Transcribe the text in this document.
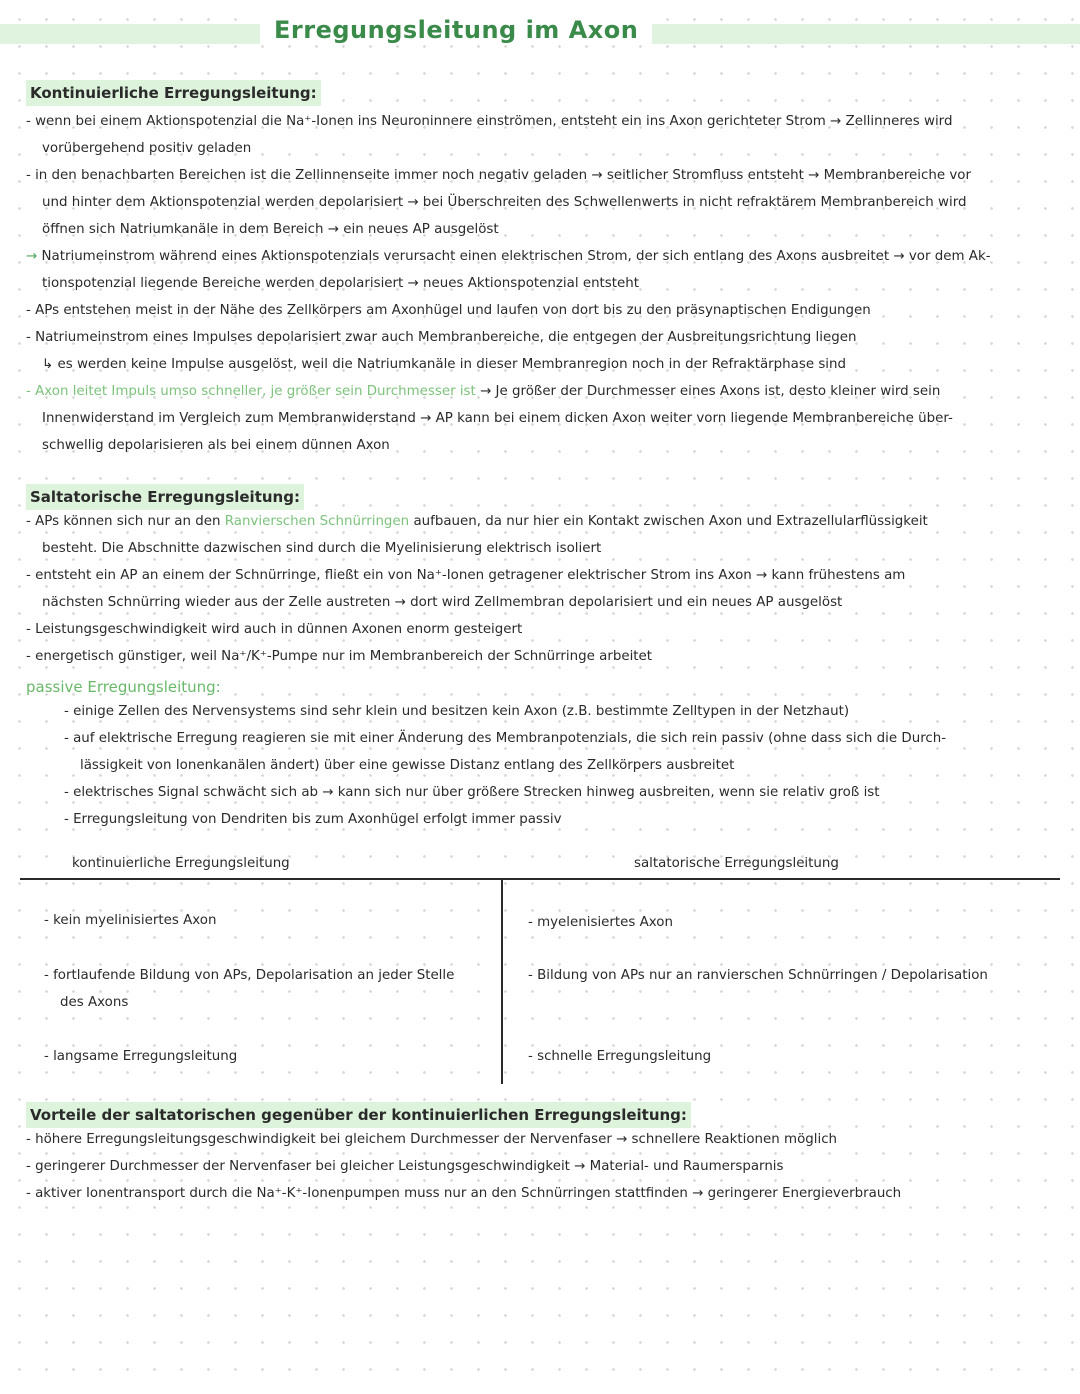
Erregungsleitung im Axon
Kontinuierliche Erregungsleitung:
- wenn bei einem Aktionspotenzial die Na⁺-Ionen ins Neuroninnere einströmen, entsteht ein ins Axon gerichteter Strom → Zellinneres wird
vorübergehend positiv geladen
- in den benachbarten Bereichen ist die Zellinnenseite immer noch negativ geladen → seitlicher Stromfluss entsteht → Membranbereiche vor
und hinter dem Aktionspotenzial werden depolarisiert → bei Überschreiten des Schwellenwerts in nicht refraktärem Membranbereich wird
öffnen sich Natriumkanäle in dem Bereich → ein neues AP ausgelöst
→ Natriumeinstrom während eines Aktionspotenzials verursacht einen elektrischen Strom, der sich entlang des Axons ausbreitet → vor dem Ak-
tionspotenzial liegende Bereiche werden depolarisiert → neues Aktionspotenzial entsteht
- APs entstehen meist in der Nähe des Zellkörpers am Axonhügel und laufen von dort bis zu den präsynaptischen Endigungen
- Natriumeinstrom eines Impulses depolarisiert zwar auch Membranbereiche, die entgegen der Ausbreitungsrichtung liegen
↳ es werden keine Impulse ausgelöst, weil die Natriumkanäle in dieser Membranregion noch in der Refraktärphase sind
- Axon leitet Impuls umso schneller, je größer sein Durchmesser ist → Je größer der Durchmesser eines Axons ist, desto kleiner wird sein
Innenwiderstand im Vergleich zum Membranwiderstand → AP kann bei einem dicken Axon weiter vorn liegende Membranbereiche über-
schwellig depolarisieren als bei einem dünnen Axon
Saltatorische Erregungsleitung:
- APs können sich nur an den Ranvierschen Schnürringen aufbauen, da nur hier ein Kontakt zwischen Axon und Extrazellularflüssigkeit
besteht. Die Abschnitte dazwischen sind durch die Myelinisierung elektrisch isoliert
- entsteht ein AP an einem der Schnürringe, fließt ein von Na⁺-Ionen getragener elektrischer Strom ins Axon → kann frühestens am
nächsten Schnürring wieder aus der Zelle austreten → dort wird Zellmembran depolarisiert und ein neues AP ausgelöst
- Leistungsgeschwindigkeit wird auch in dünnen Axonen enorm gesteigert
- energetisch günstiger, weil Na⁺/K⁺-Pumpe nur im Membranbereich der Schnürringe arbeitet
passive Erregungsleitung:
- einige Zellen des Nervensystems sind sehr klein und besitzen kein Axon (z.B. bestimmte Zelltypen in der Netzhaut)
- auf elektrische Erregung reagieren sie mit einer Änderung des Membranpotenzials, die sich rein passiv (ohne dass sich die Durch-
lässigkeit von Ionenkanälen ändert) über eine gewisse Distanz entlang des Zellkörpers ausbreitet
- elektrisches Signal schwächt sich ab → kann sich nur über größere Strecken hinweg ausbreiten, wenn sie relativ groß ist
- Erregungsleitung von Dendriten bis zum Axonhügel erfolgt immer passiv
kontinuierliche Erregungsleitung	saltatorische Erregungsleitung
- kein myelinisiertes Axon
- fortlaufende Bildung von APs, Depolarisation an jeder Stelle
des Axons
- langsame Erregungsleitung
- myelenisiertes Axon
- Bildung von APs nur an ranvierschen Schnürringen / Depolarisation
- schnelle Erregungsleitung
Vorteile der saltatorischen gegenüber der kontinuierlichen Erregungsleitung:
- höhere Erregungsleitungsgeschwindigkeit bei gleichem Durchmesser der Nervenfaser → schnellere Reaktionen möglich
- geringerer Durchmesser der Nervenfaser bei gleicher Leistungsgeschwindigkeit → Material- und Raumersparnis
- aktiver Ionentransport durch die Na⁺-K⁺-Ionenpumpen muss nur an den Schnürringen stattfinden → geringerer Energieverbrauch
